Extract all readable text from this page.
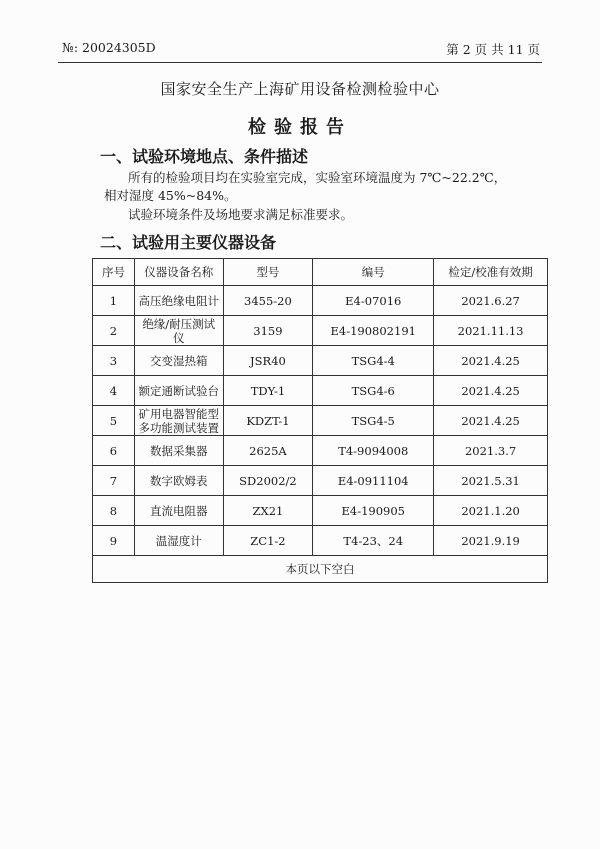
№: 20024305D	第 2 页 共 11 页
国家安全生产上海矿用设备检测检验中心
检验报告
一、试验环境地点、条件描述
所有的检验项目均在实验室完成，实验室环境温度为 7℃~22.2℃，相对湿度 45%~84%。
试验环境条件及场地要求满足标准要求。
二、试验用主要仪器设备
序号	仪器设备名称	型号	编号	检定/校准有效期
1	高压绝缘电阻计	3455-20	E4-07016	2021.6.27
2	绝缘/耐压测试仪	3159	E4-190802191	2021.11.13
3	交变湿热箱	JSR40	TSG4-4	2021.4.25
4	额定通断试验台	TDY-1	TSG4-6	2021.4.25
5	矿用电器智能型多功能测试装置	KDZT-1	TSG4-5	2021.4.25
6	数据采集器	2625A	T4-9094008	2021.3.7
7	数字欧姆表	SD2002/2	E4-0911104	2021.5.31
8	直流电阻器	ZX21	E4-190905	2021.1.20
9	温湿度计	ZC1-2	T4-23、24	2021.9.19
本页以下空白				
